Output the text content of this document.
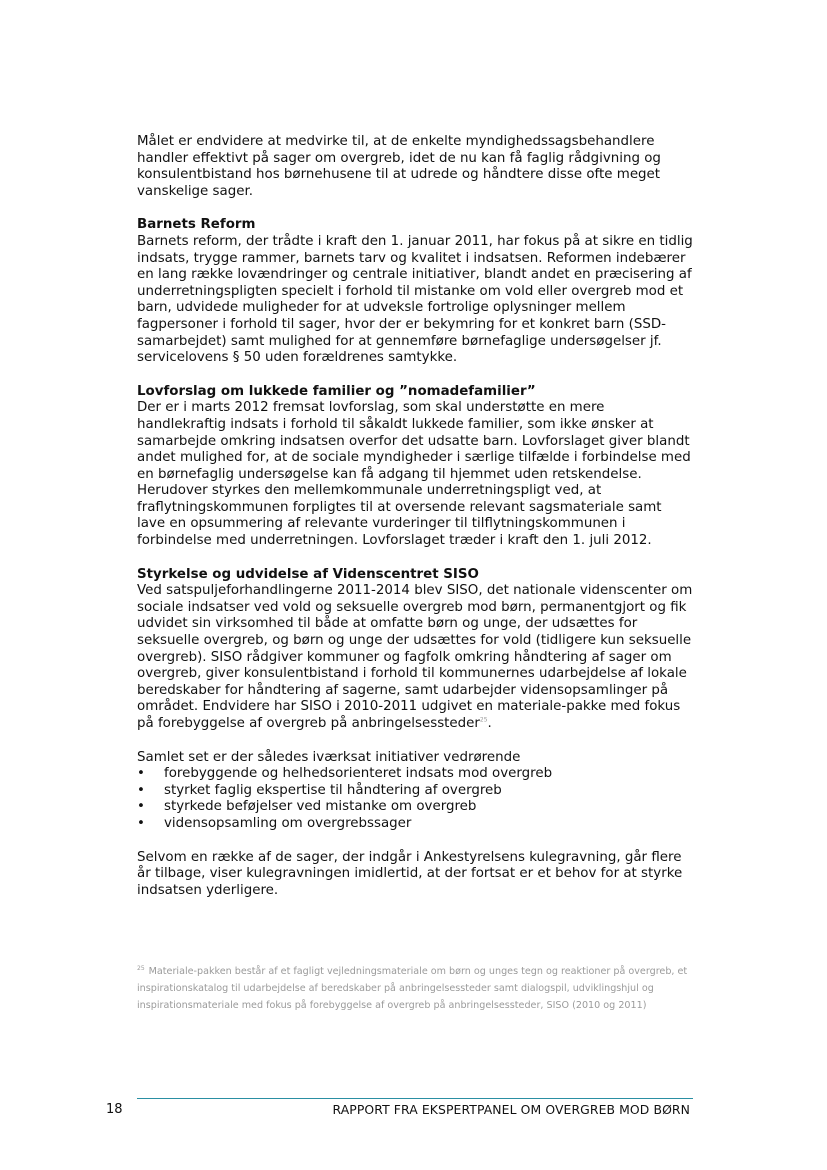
Målet er endvidere at medvirke til, at de enkelte myndighedssagsbehandlere handler effektivt på sager om overgreb, idet de nu kan få faglig rådgivning og konsulentbistand hos børnehusene til at udrede og håndtere disse ofte meget vanskelige sager.

Barnets Reform

Barnets reform, der trådte i kraft den 1. januar 2011, har fokus på at sikre en tidlig indsats, trygge rammer, barnets tarv og kvalitet i indsatsen. Reformen indebærer en lang række lovændringer og centrale initiativer, blandt andet en præcisering af underretningspligten specielt i forhold til mistanke om vold eller overgreb mod et barn, udvidede muligheder for at udveksle fortrolige oplysninger mellem fagpersoner i forhold til sager, hvor der er bekymring for et konkret barn (SSD-samarbejdet) samt mulighed for at gennemføre børnefaglige undersøgelser jf. servicelovens § 50 uden forældrenes samtykke.

Lovforslag om lukkede familier og ”nomadefamilier”

Der er i marts 2012 fremsat lovforslag, som skal understøtte en mere handlekraftig indsats i forhold til såkaldt lukkede familier, som ikke ønsker at samarbejde omkring indsatsen overfor det udsatte barn. Lovforslaget giver blandt andet mulighed for, at de sociale myndigheder i særlige tilfælde i forbindelse med en børnefaglig undersøgelse kan få adgang til hjemmet uden retskendelse. Herudover styrkes den mellemkommunale underretningspligt ved, at fraflytningskommunen forpligtes til at oversende relevant sagsmateriale samt lave en opsummering af relevante vurderinger til tilflytningskommunen i forbindelse med underretningen. Lovforslaget træder i kraft den 1. juli 2012.

Styrkelse og udvidelse af Videnscentret SISO

Ved satspuljeforhandlingerne 2011-2014 blev SISO, det nationale videnscenter om sociale indsatser ved vold og seksuelle overgreb mod børn, permanentgjort og fik udvidet sin virksomhed til både at omfatte børn og unge, der udsættes for seksuelle overgreb, og børn og unge der udsættes for vold (tidligere kun seksuelle overgreb). SISO rådgiver kommuner og fagfolk omkring håndtering af sager om overgreb, giver konsulentbistand i forhold til kommunernes udarbejdelse af lokale beredskaber for håndtering af sagerne, samt udarbejder vidensopsamlinger på området. Endvidere har SISO i 2010-2011 udgivet en materiale-pakke med fokus på forebyggelse af overgreb på anbringelsessteder$^{25}$.

Samlet set er der således iværksat initiativer vedrørende

• forebyggende og helhedsorienteret indsats mod overgreb
• styrket faglig ekspertise til håndtering af overgreb
• styrkede beføjelser ved mistanke om overgreb
• vidensopsamling om overgrebssager

Selvom en række af de sager, der indgår i Ankestyrelsens kulegravning, går flere år tilbage, viser kulegravningen imidlertid, at der fortsat er et behov for at styrke indsatsen yderligere.

$^{25}$ Materiale-pakken består af et fagligt vejledningsmateriale om børn og unges tegn og reaktioner på overgreb, et inspirationskatalog til udarbejdelse af beredskaber på anbringelsessteder samt dialogspil, udviklingshjul og inspirationsmateriale med fokus på forebyggelse af overgreb på anbringelsessteder, SISO (2010 og 2011)
18	RAPPORT FRA EKSPERTPANEL OM OVERGREB MOD BØRN
